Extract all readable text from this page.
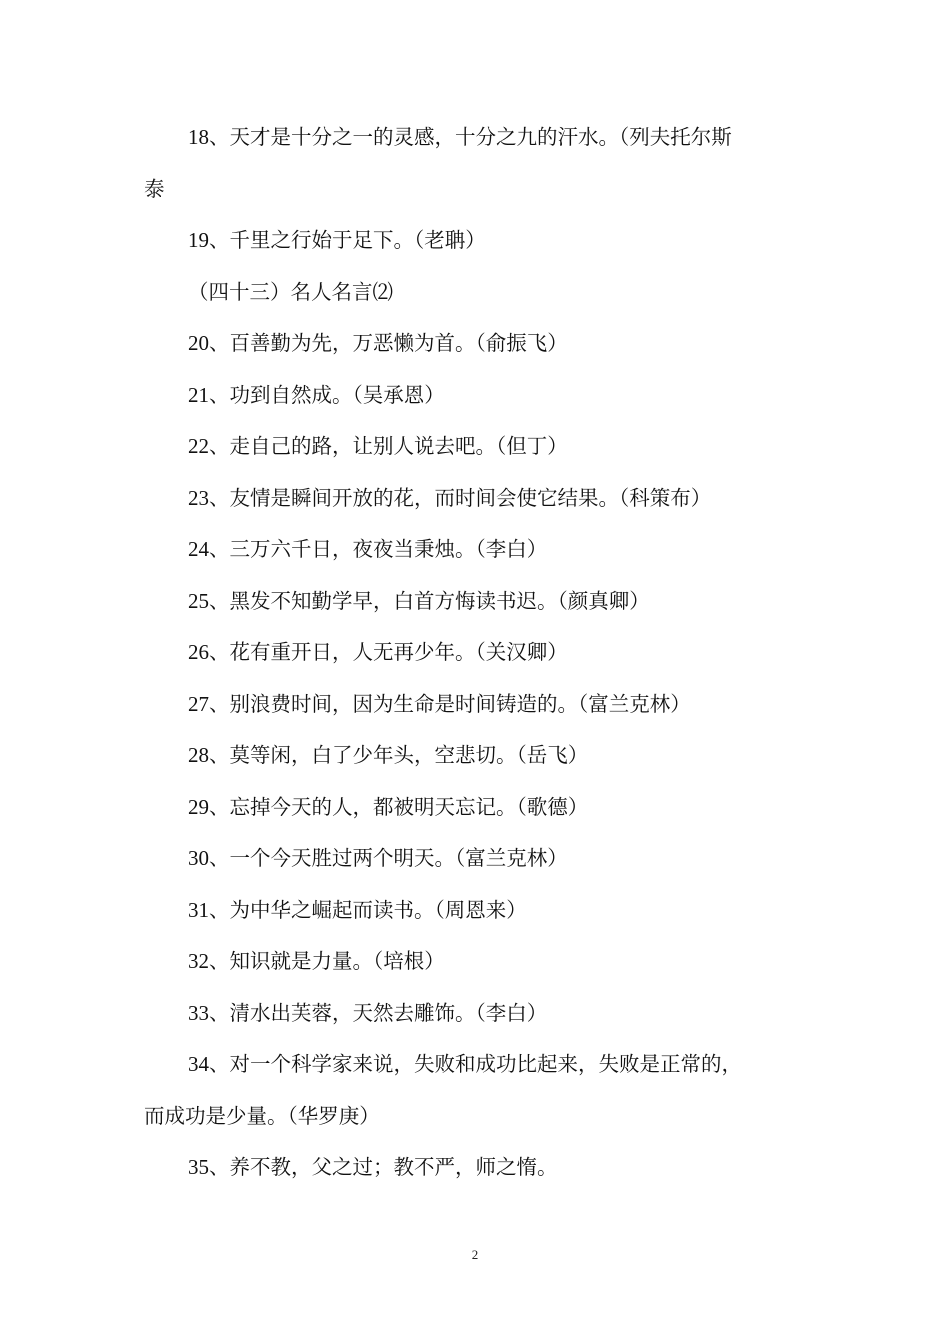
18、天才是十分之一的灵感，十分之九的汗水。（列夫托尔斯
泰
19、千里之行始于足下。（老聃）
（四十三）名人名言⑵
20、百善勤为先，万恶懒为首。（俞振飞）
21、功到自然成。（吴承恩）
22、走自己的路，让别人说去吧。（但丁）
23、友情是瞬间开放的花，而时间会使它结果。（科策布）
24、三万六千日，夜夜当秉烛。（李白）
25、黑发不知勤学早，白首方悔读书迟。（颜真卿）
26、花有重开日，人无再少年。（关汉卿）
27、别浪费时间，因为生命是时间铸造的。（富兰克林）
28、莫等闲，白了少年头，空悲切。（岳飞）
29、忘掉今天的人，都被明天忘记。（歌德）
30、一个今天胜过两个明天。（富兰克林）
31、为中华之崛起而读书。（周恩来）
32、知识就是力量。（培根）
33、清水出芙蓉，天然去雕饰。（李白）
34、对一个科学家来说，失败和成功比起来，失败是正常的，
而成功是少量。（华罗庚）
35、养不教，父之过；教不严，师之惰。
2
